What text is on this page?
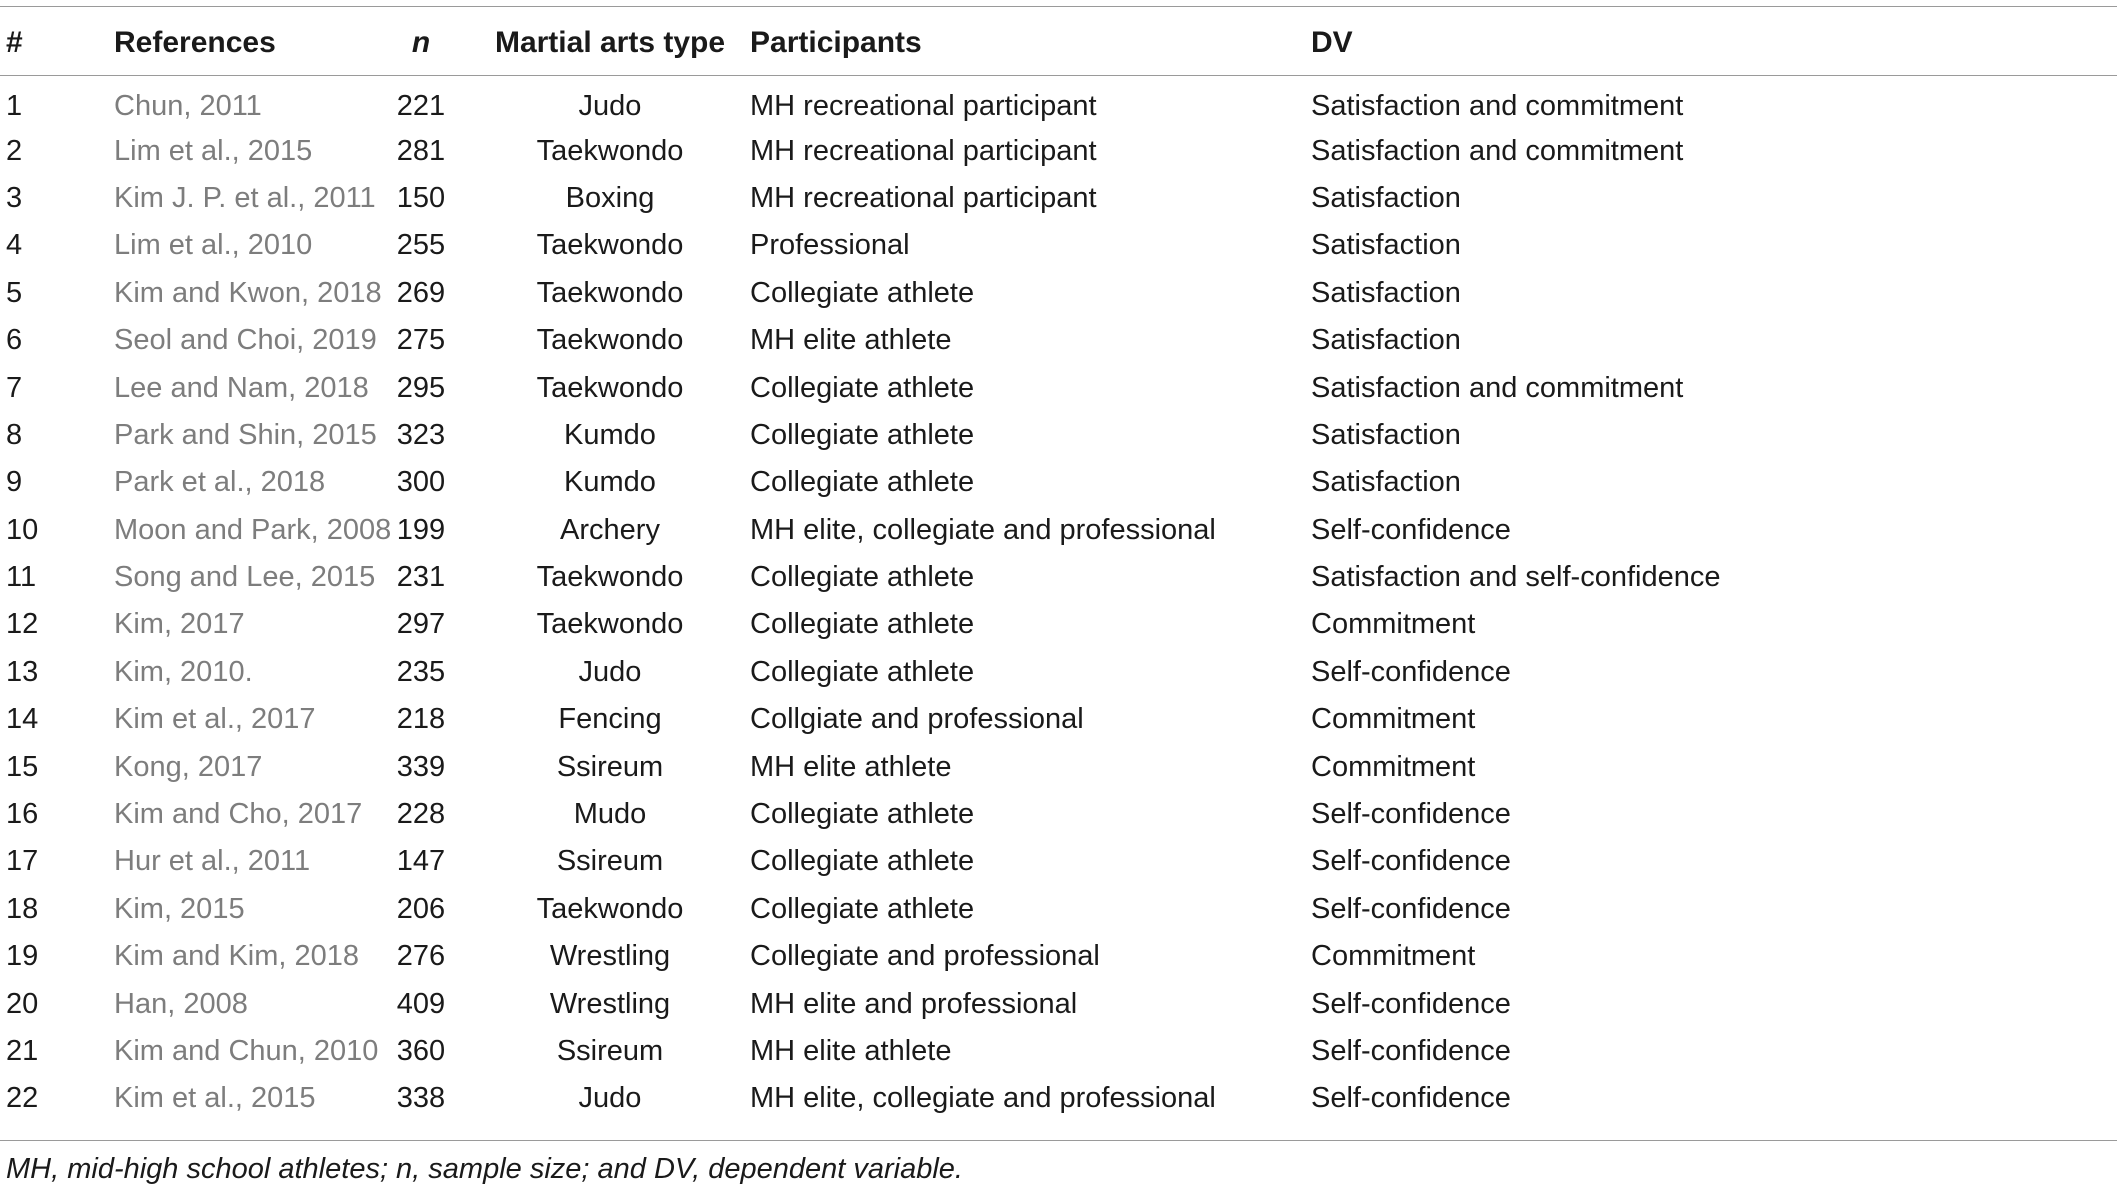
#	References	n	Martial arts type	Participants	DV
1	Chun, 2011	221	Judo	MH recreational participant	Satisfaction and commitment
2	Lim et al., 2015	281	Taekwondo	MH recreational participant	Satisfaction and commitment
3	Kim J. P. et al., 2011	150	Boxing	MH recreational participant	Satisfaction
4	Lim et al., 2010	255	Taekwondo	Professional	Satisfaction
5	Kim and Kwon, 2018	269	Taekwondo	Collegiate athlete	Satisfaction
6	Seol and Choi, 2019	275	Taekwondo	MH elite athlete	Satisfaction
7	Lee and Nam, 2018	295	Taekwondo	Collegiate athlete	Satisfaction and commitment
8	Park and Shin, 2015	323	Kumdo	Collegiate athlete	Satisfaction
9	Park et al., 2018	300	Kumdo	Collegiate athlete	Satisfaction
10	Moon and Park, 2008	199	Archery	MH elite, collegiate and professional	Self-confidence
11	Song and Lee, 2015	231	Taekwondo	Collegiate athlete	Satisfaction and self-confidence
12	Kim, 2017	297	Taekwondo	Collegiate athlete	Commitment
13	Kim, 2010.	235	Judo	Collegiate athlete	Self-confidence
14	Kim et al., 2017	218	Fencing	Collgiate and professional	Commitment
15	Kong, 2017	339	Ssireum	MH elite athlete	Commitment
16	Kim and Cho, 2017	228	Mudo	Collegiate athlete	Self-confidence
17	Hur et al., 2011	147	Ssireum	Collegiate athlete	Self-confidence
18	Kim, 2015	206	Taekwondo	Collegiate athlete	Self-confidence
19	Kim and Kim, 2018	276	Wrestling	Collegiate and professional	Commitment
20	Han, 2008	409	Wrestling	MH elite and professional	Self-confidence
21	Kim and Chun, 2010	360	Ssireum	MH elite athlete	Self-confidence
22	Kim et al., 2015	338	Judo	MH elite, collegiate and professional	Self-confidence
MH, mid-high school athletes; n, sample size; and DV, dependent variable.
